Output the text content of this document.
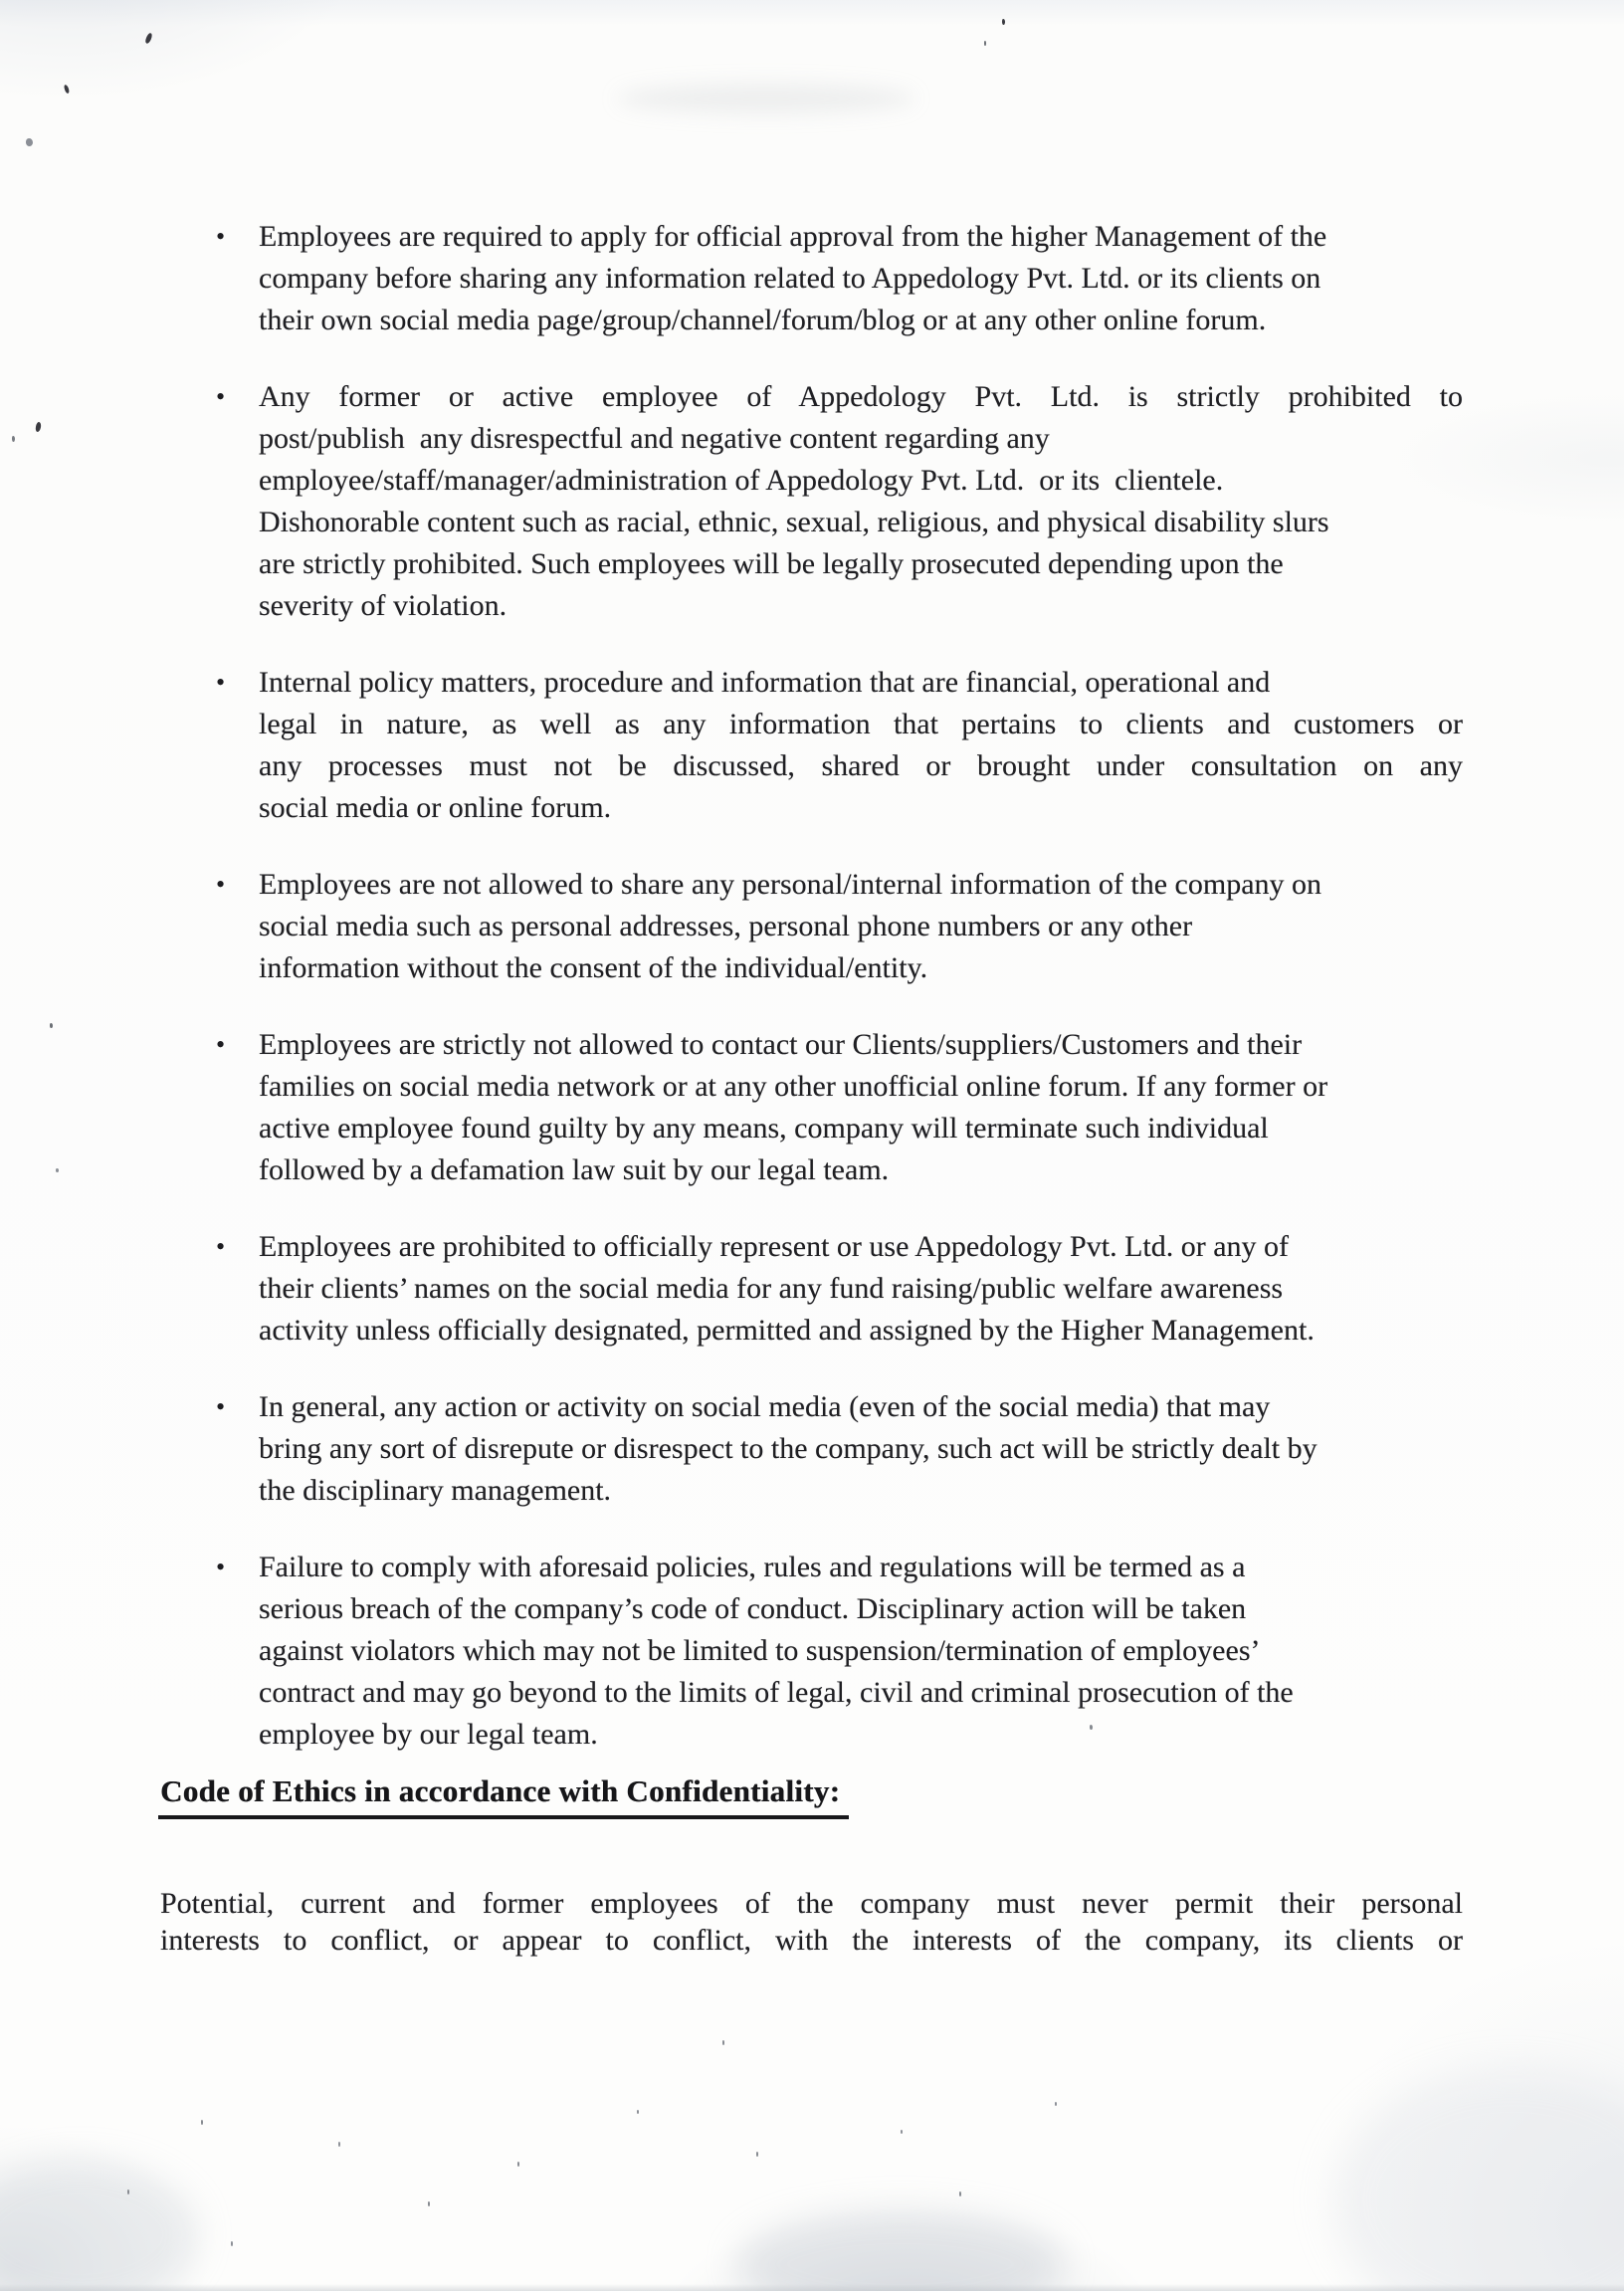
• Employees are required to apply for official approval from the higher Management of the
company before sharing any information related to Appedology Pvt. Ltd. or its clients on
their own social media page/group/channel/forum/blog or at any other online forum.
• Any former or active employee of Appedology Pvt. Ltd. is strictly prohibited to
post/publish  any disrespectful and negative content regarding any
employee/staff/manager/administration of Appedology Pvt. Ltd.  or its  clientele.
Dishonorable content such as racial, ethnic, sexual, religious, and physical disability slurs
are strictly prohibited. Such employees will be legally prosecuted depending upon the
severity of violation.
• Internal policy matters, procedure and information that are financial, operational and
legal in nature, as well as any information that pertains to clients and customers or
any processes must not be discussed, shared or brought under consultation on any
social media or online forum.
• Employees are not allowed to share any personal/internal information of the company on
social media such as personal addresses, personal phone numbers or any other
information without the consent of the individual/entity.
• Employees are strictly not allowed to contact our Clients/suppliers/Customers and their
families on social media network or at any other unofficial online forum. If any former or
active employee found guilty by any means, company will terminate such individual
followed by a defamation law suit by our legal team.
• Employees are prohibited to officially represent or use Appedology Pvt. Ltd. or any of
their clients’ names on the social media for any fund raising/public welfare awareness
activity unless officially designated, permitted and assigned by the Higher Management.
• In general, any action or activity on social media (even of the social media) that may
bring any sort of disrepute or disrespect to the company, such act will be strictly dealt by
the disciplinary management.
• Failure to comply with aforesaid policies, rules and regulations will be termed as a
serious breach of the company’s code of conduct. Disciplinary action will be taken
against violators which may not be limited to suspension/termination of employees’
contract and may go beyond to the limits of legal, civil and criminal prosecution of the
employee by our legal team.
Code of Ethics in accordance with Confidentiality:
Potential, current and former employees of the company must never permit their personal
interests to conflict, or appear to conflict, with the interests of the company, its clients or
